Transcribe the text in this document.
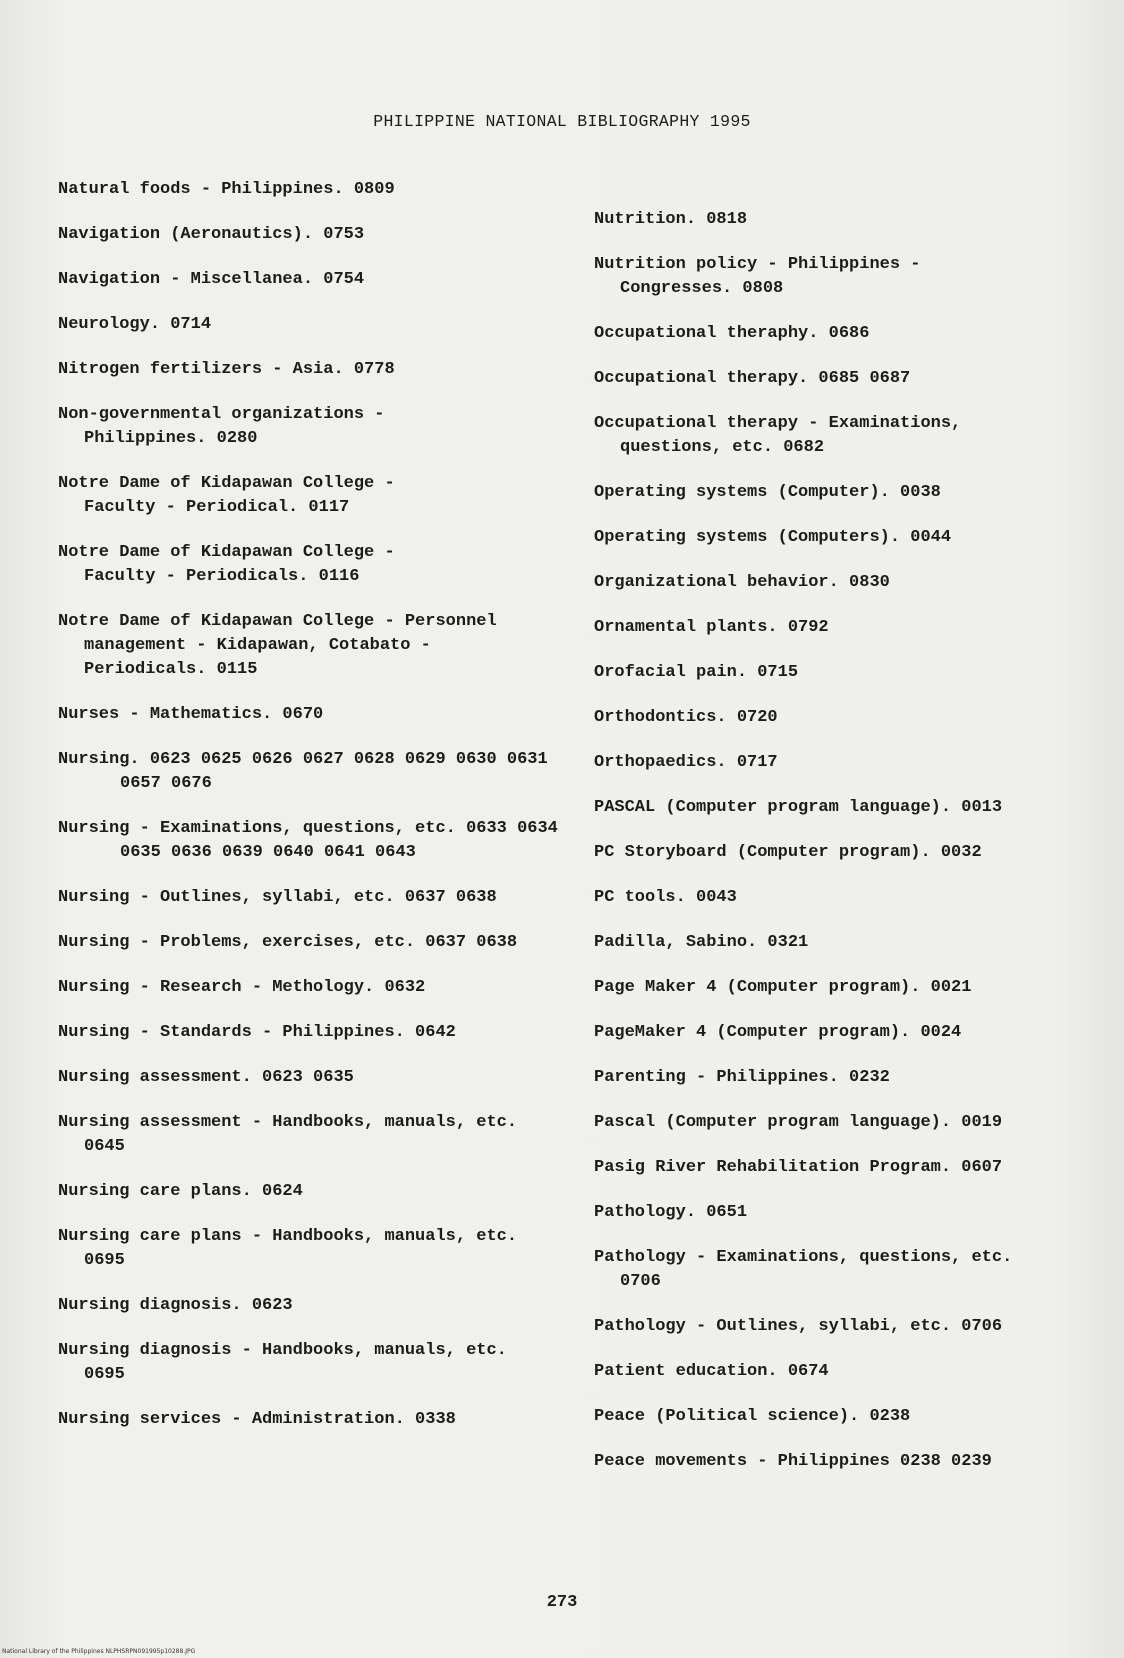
PHILIPPINE NATIONAL BIBLIOGRAPHY 1995

Natural foods - Philippines. 0809

Navigation (Aeronautics). 0753

Navigation - Miscellanea. 0754

Neurology. 0714

Nitrogen fertilizers - Asia. 0778

Non-governmental organizations - Philippines. 0280

Notre Dame of Kidapawan College - Faculty - Periodical. 0117

Notre Dame of Kidapawan College - Faculty - Periodicals. 0116

Notre Dame of Kidapawan College - Personnel management - Kidapawan, Cotabato - Periodicals. 0115

Nurses - Mathematics. 0670

Nursing. 0623 0625 0626 0627 0628 0629 0630 0631 0657 0676

Nursing - Examinations, questions, etc. 0633 0634 0635 0636 0639 0640 0641 0643

Nursing - Outlines, syllabi, etc. 0637 0638

Nursing - Problems, exercises, etc. 0637 0638

Nursing - Research - Methology. 0632

Nursing - Standards - Philippines. 0642

Nursing assessment. 0623 0635

Nursing assessment - Handbooks, manuals, etc. 0645

Nursing care plans. 0624

Nursing care plans - Handbooks, manuals, etc. 0695

Nursing diagnosis. 0623

Nursing diagnosis - Handbooks, manuals, etc. 0695

Nursing services - Administration. 0338

Nutrition. 0818

Nutrition policy - Philippines - Congresses. 0808

Occupational theraphy. 0686

Occupational therapy. 0685 0687

Occupational therapy - Examinations, questions, etc. 0682

Operating systems (Computer). 0038

Operating systems (Computers). 0044

Organizational behavior. 0830

Ornamental plants. 0792

Orofacial pain. 0715

Orthodontics. 0720

Orthopaedics. 0717

PASCAL (Computer program language). 0013

PC Storyboard (Computer program). 0032

PC tools. 0043

Padilla, Sabino. 0321

Page Maker 4 (Computer program). 0021

PageMaker 4 (Computer program). 0024

Parenting - Philippines. 0232

Pascal (Computer program language). 0019

Pasig River Rehabilitation Program. 0607

Pathology. 0651

Pathology - Examinations, questions, etc. 0706

Pathology - Outlines, syllabi, etc. 0706

Patient education. 0674

Peace (Political science). 0238

Peace movements - Philippines 0238 0239

273
National Library of the Philippines NLPHSRPN091995p10288.JPG
